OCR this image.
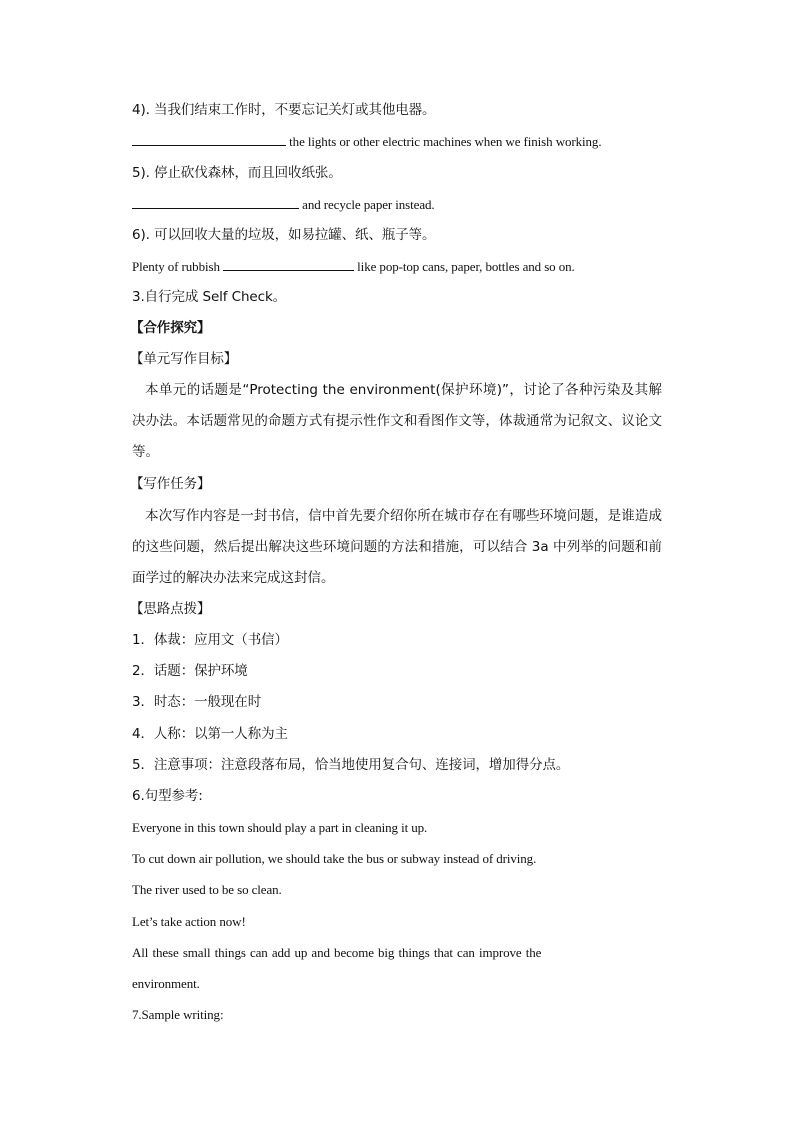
4). 当我们结束工作时，不要忘记关灯或其他电器。
the lights or other electric machines when we finish working.
5). 停止砍伐森林，而且回收纸张。
and recycle paper instead.
6). 可以回收大量的垃圾，如易拉罐、纸、瓶子等。
Plenty of rubbish	like pop-top cans, paper, bottles and so on.
3.自行完成 Self Check。
【合作探究】
【单元写作目标】
本单元的话题是“Protecting the environment(保护环境)”，讨论了各种污染及其解决办法。本话题常见的命题方式有提示性作文和看图作文等，体裁通常为记叙文、议论文等。
【写作任务】
本次写作内容是一封书信，信中首先要介绍你所在城市存在有哪些环境问题，是谁造成的这些问题，然后提出解决这些环境问题的方法和措施，可以结合 3a 中列举的问题和前面学过的解决办法来完成这封信。
【思路点拨】
1．体裁：应用文（书信）
2．话题：保护环境
3．时态：一般现在时
4．人称：以第一人称为主
5．注意事项：注意段落布局，恰当地使用复合句、连接词，增加得分点。
6.句型参考:
Everyone in this town should play a part in cleaning it up.
To cut down air pollution, we should take the bus or subway instead of driving.
The river used to be so clean.
Let’s take action now!
All these small things can add up and become big things that can improve the
environment.
7.Sample writing:
